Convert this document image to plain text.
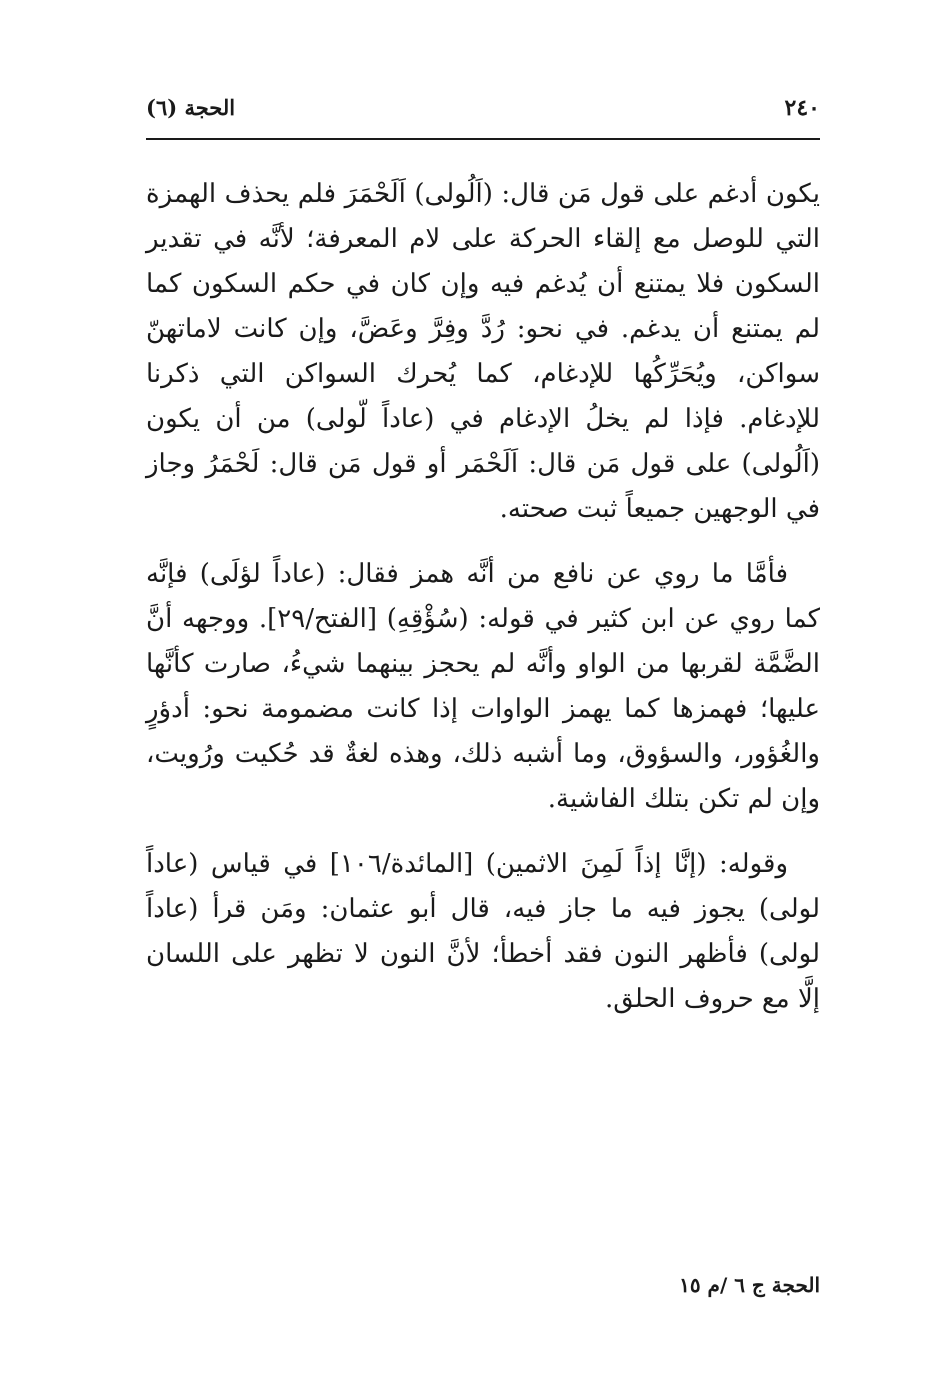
٢٤٠
الحجة (٦)

يكون أدغم على قول مَن قال: (اَلُولى) اَلَحْمَرَ فلم يحذف الهمزة التي للوصل مع إلقاء الحركة على لام المعرفة؛ لأنَّه في تقدير السكون فلا يمتنع أن يُدغم فيه وإن كان في حكم السكون كما لم يمتنع أن يدغم. في نحو: رُدَّ وفِرَّ وعَضَّ، وإن كانت لاماتهنّ سواكن، ويُحَرِّكُها للإدغام، كما يُحرك السواكن التي ذكرنا للإدغام. فإذا لم يخلُ الإدغام في (عاداً لّولى) من أن يكون (اَلُولى) على قول مَن قال: اَلَحْمَر أو قول مَن قال: لَحْمَرُ وجاز في الوجهين جميعاً ثبت صحته.

فأمَّا ما روي عن نافع من أنَّه همز فقال: (عاداً لؤلَى) فإنَّه كما روي عن ابن كثير في قوله: (سُؤْقِهِ) [الفتح/٢٩]. ووجهه أنَّ الضَّمَّة لقربها من الواو وأنَّه لم يحجز بينهما شيءُ، صارت كأنَّها عليها؛ فهمزها كما يهمز الواوات إذا كانت مضمومة نحو: أدؤرٍ والغُؤور، والسؤوق، وما أشبه ذلك، وهذه لغةٌ قد حُكيت ورُويت، وإن لم تكن بتلك الفاشية.

وقوله: (إنَّا إذاً لَمِنَ الاثمين) [المائدة/١٠٦] في قياس (عاداً لولى) يجوز فيه ما جاز فيه، قال أبو عثمان: ومَن قرأ (عاداً لولى) فأظهر النون فقد أخطأ؛ لأنَّ النون لا تظهر على اللسان إلَّا مع حروف الحلق.

الحجة ج ٦ /م ١٥
